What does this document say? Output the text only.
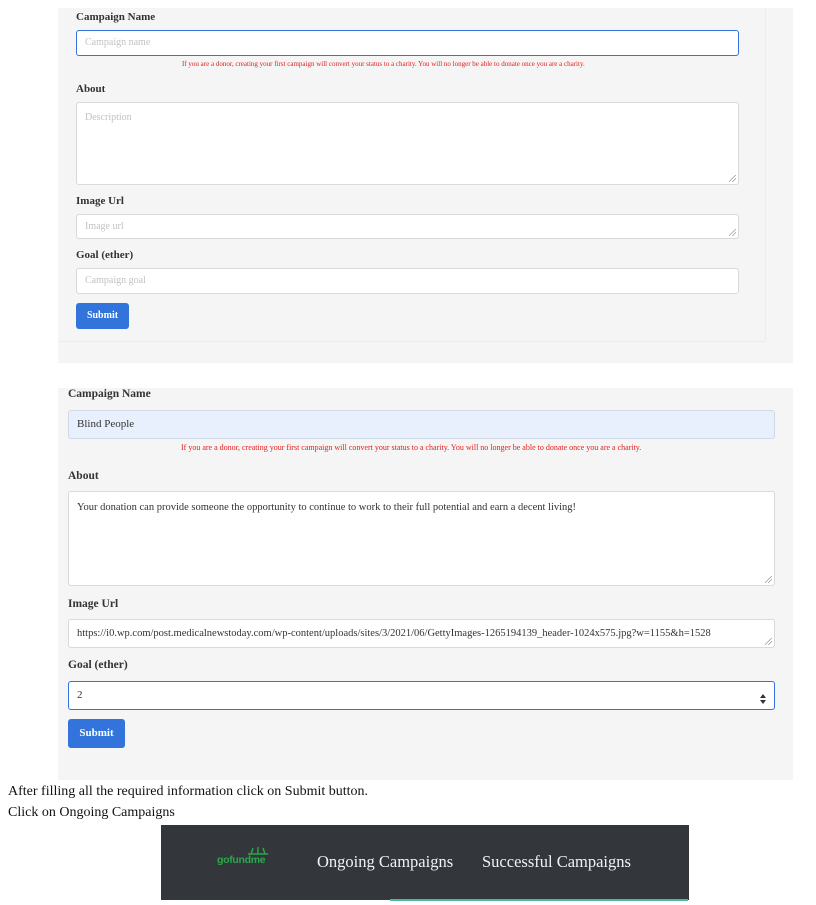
Campaign Name
Campaign name
If you are a donor, creating your first campaign will convert your status to a charity. You will no longer be able to donate once you are a charity.
About
Description
Image Url
Image url
Goal (ether)
Campaign goal
Submit
Campaign Name
Blind People
If you are a donor, creating your first campaign will convert your status to a charity. You will no longer be able to donate once you are a charity.
About
Your donation can provide someone the opportunity to continue to work to their full potential and earn a decent living!
Image Url
https://i0.wp.com/post.medicalnewstoday.com/wp-content/uploads/sites/3/2021/06/GettyImages-1265194139_header-1024x575.jpg?w=1155&h=1528
Goal (ether)
2
Submit
After filling all the required information click on Submit button.
Click on Ongoing Campaigns
gofundme	Ongoing Campaigns Successful Campaigns
